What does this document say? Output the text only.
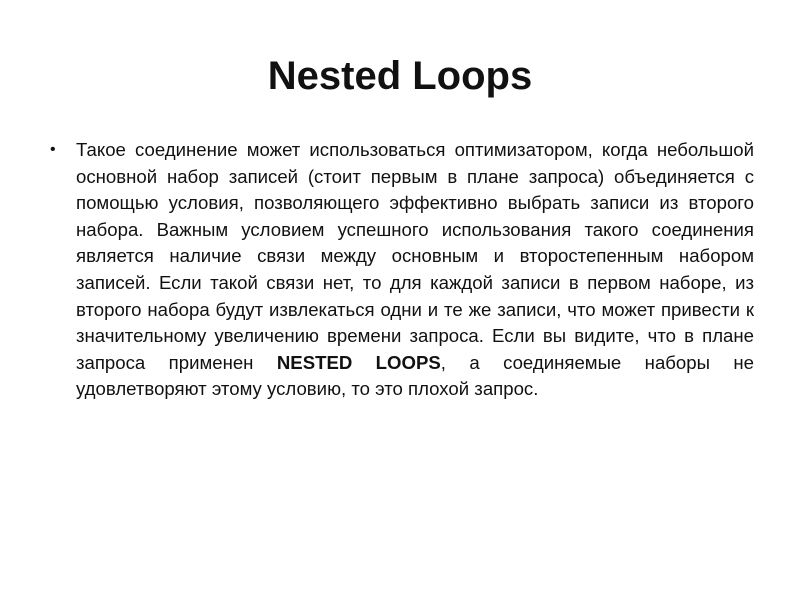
Nested Loops
• Такое соединение может использоваться оптимизатором, когда небольшой основной набор записей (стоит первым в плане запроса) объединяется с помощью условия, позволяющего эффективно выбрать записи из второго набора. Важным условием успешного использования такого соединения является наличие связи между основным и второстепенным набором записей. Если такой связи нет, то для каждой записи в первом наборе, из второго набора будут извлекаться одни и те же записи, что может привести к значительному увеличению времени запроса. Если вы видите, что в плане запроса применен NESTED LOOPS, а соединяемые наборы не удовлетворяют этому условию, то это плохой запрос.
